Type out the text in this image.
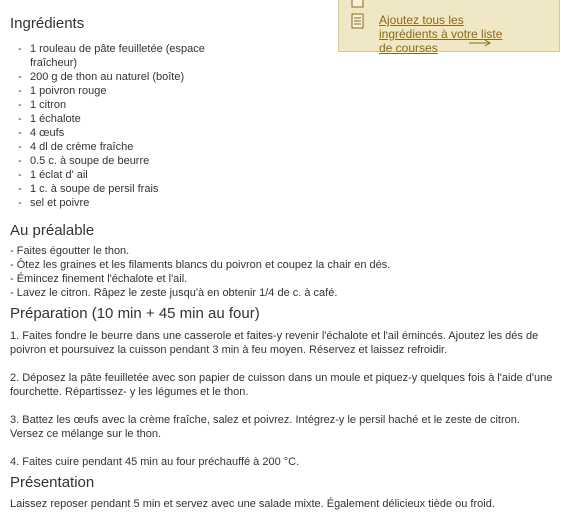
Ajoutez tous les ingrédients à votre liste de courses
Ingrédients
- 1 rouleau de pâte feuilletée (espace fraîcheur)
- 200 g de thon au naturel (boîte)
- 1 poivron rouge
- 1 citron
- 1 échalote
- 4 œufs
- 4 dl de crème fraîche
- 0.5 c. à soupe de beurre
- 1 éclat d' ail
- 1 c. à soupe de persil frais
- sel et poivre
Au préalable
- Faites égoutter le thon.
- Ôtez les graines et les filaments blancs du poivron et coupez la chair en dés.
- Émincez finement l'échalote et l'ail.
- Lavez le citron. Râpez le zeste jusqu'à en obtenir 1/4 de c. à café.
Préparation (10 min + 45 min au four)

1. Faites fondre le beurre dans une casserole et faites-y revenir l'échalote et l'ail émincés. Ajoutez les dés de poivron et poursuivez la cuisson pendant 3 min à feu moyen. Réservez et laissez refroidir.

2. Déposez la pâte feuilletée avec son papier de cuisson dans un moule et piquez-y quelques fois à l'aide d'une fourchette. Répartissez- y les légumes et le thon.

3. Battez les œufs avec la crème fraîche, salez et poivrez. Intégrez-y le persil haché et le zeste de citron. Versez ce mélange sur le thon.

4. Faites cuire pendant 45 min au four préchauffé à 200 °C.

Présentation
Laissez reposer pendant 5 min et servez avec une salade mixte. Également délicieux tiède ou froid.
